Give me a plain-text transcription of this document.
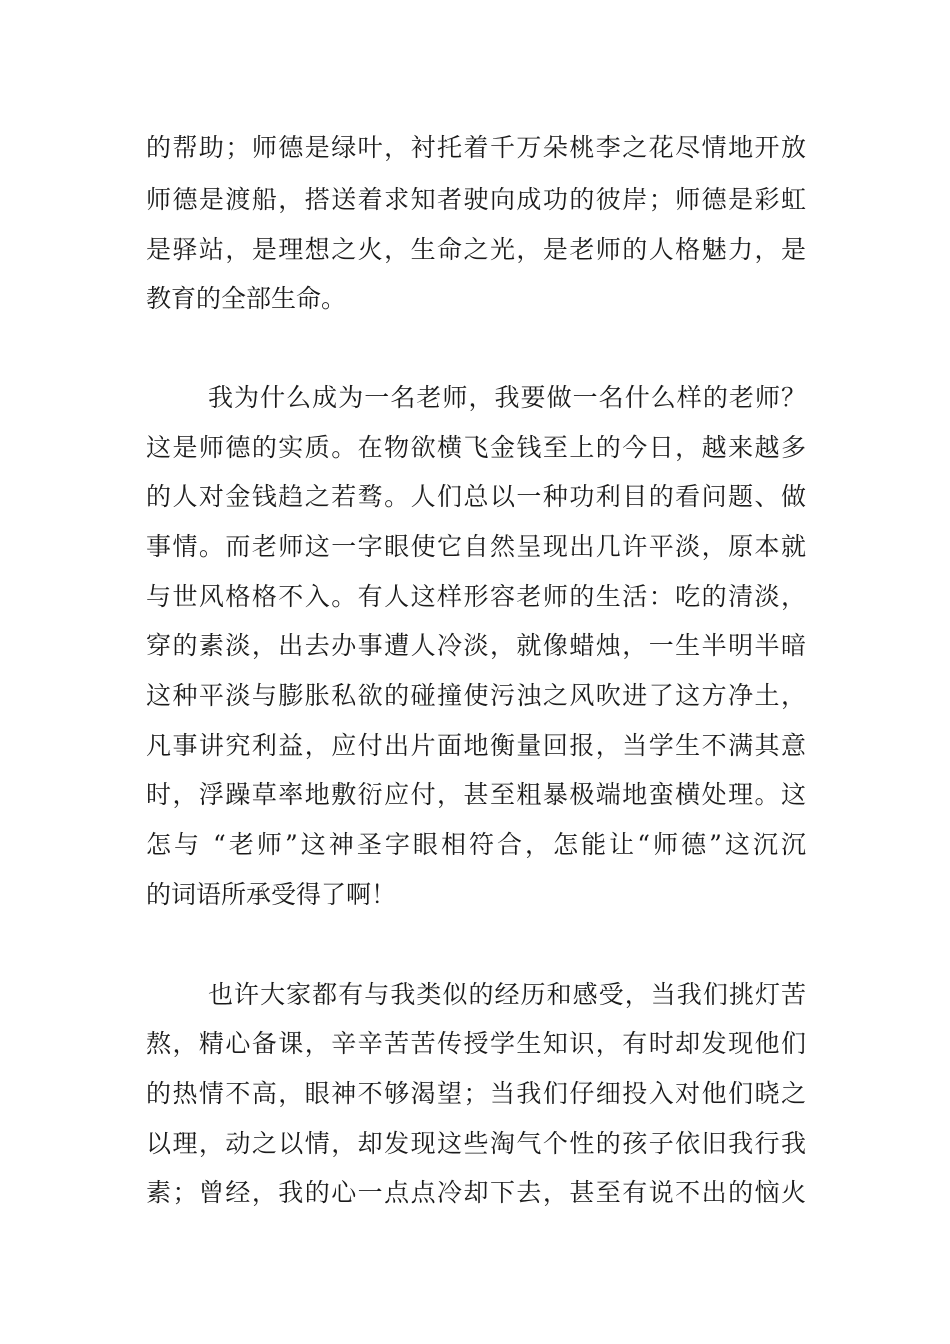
的帮助；师德是绿叶，衬托着千万朵桃李之花尽情地开放
师德是渡船，搭送着求知者驶向成功的彼岸；师德是彩虹
是驿站，是理想之火，生命之光，是老师的人格魅力，是
教育的全部生命。
我为什么成为一名老师，我要做一名什么样的老师？
这是师德的实质。在物欲横飞金钱至上的今日，越来越多
的人对金钱趋之若骛。人们总以一种功利目的看问题、做
事情。而老师这一字眼使它自然呈现出几许平淡，原本就
与世风格格不入。有人这样形容老师的生活：吃的清淡，
穿的素淡，出去办事遭人冷淡，就像蜡烛，一生半明半暗
这种平淡与膨胀私欲的碰撞使污浊之风吹进了这方净土，
凡事讲究利益，应付出片面地衡量回报，当学生不满其意
时，浮躁草率地敷衍应付，甚至粗暴极端地蛮横处理。这
怎与 “老师”这神圣字眼相符合，怎能让“师德”这沉沉
的词语所承受得了啊！
也许大家都有与我类似的经历和感受，当我们挑灯苦
熬，精心备课，辛辛苦苦传授学生知识，有时却发现他们
的热情不高，眼神不够渴望；当我们仔细投入对他们晓之
以理，动之以情，却发现这些淘气个性的孩子依旧我行我
素；曾经，我的心一点点冷却下去，甚至有说不出的恼火
